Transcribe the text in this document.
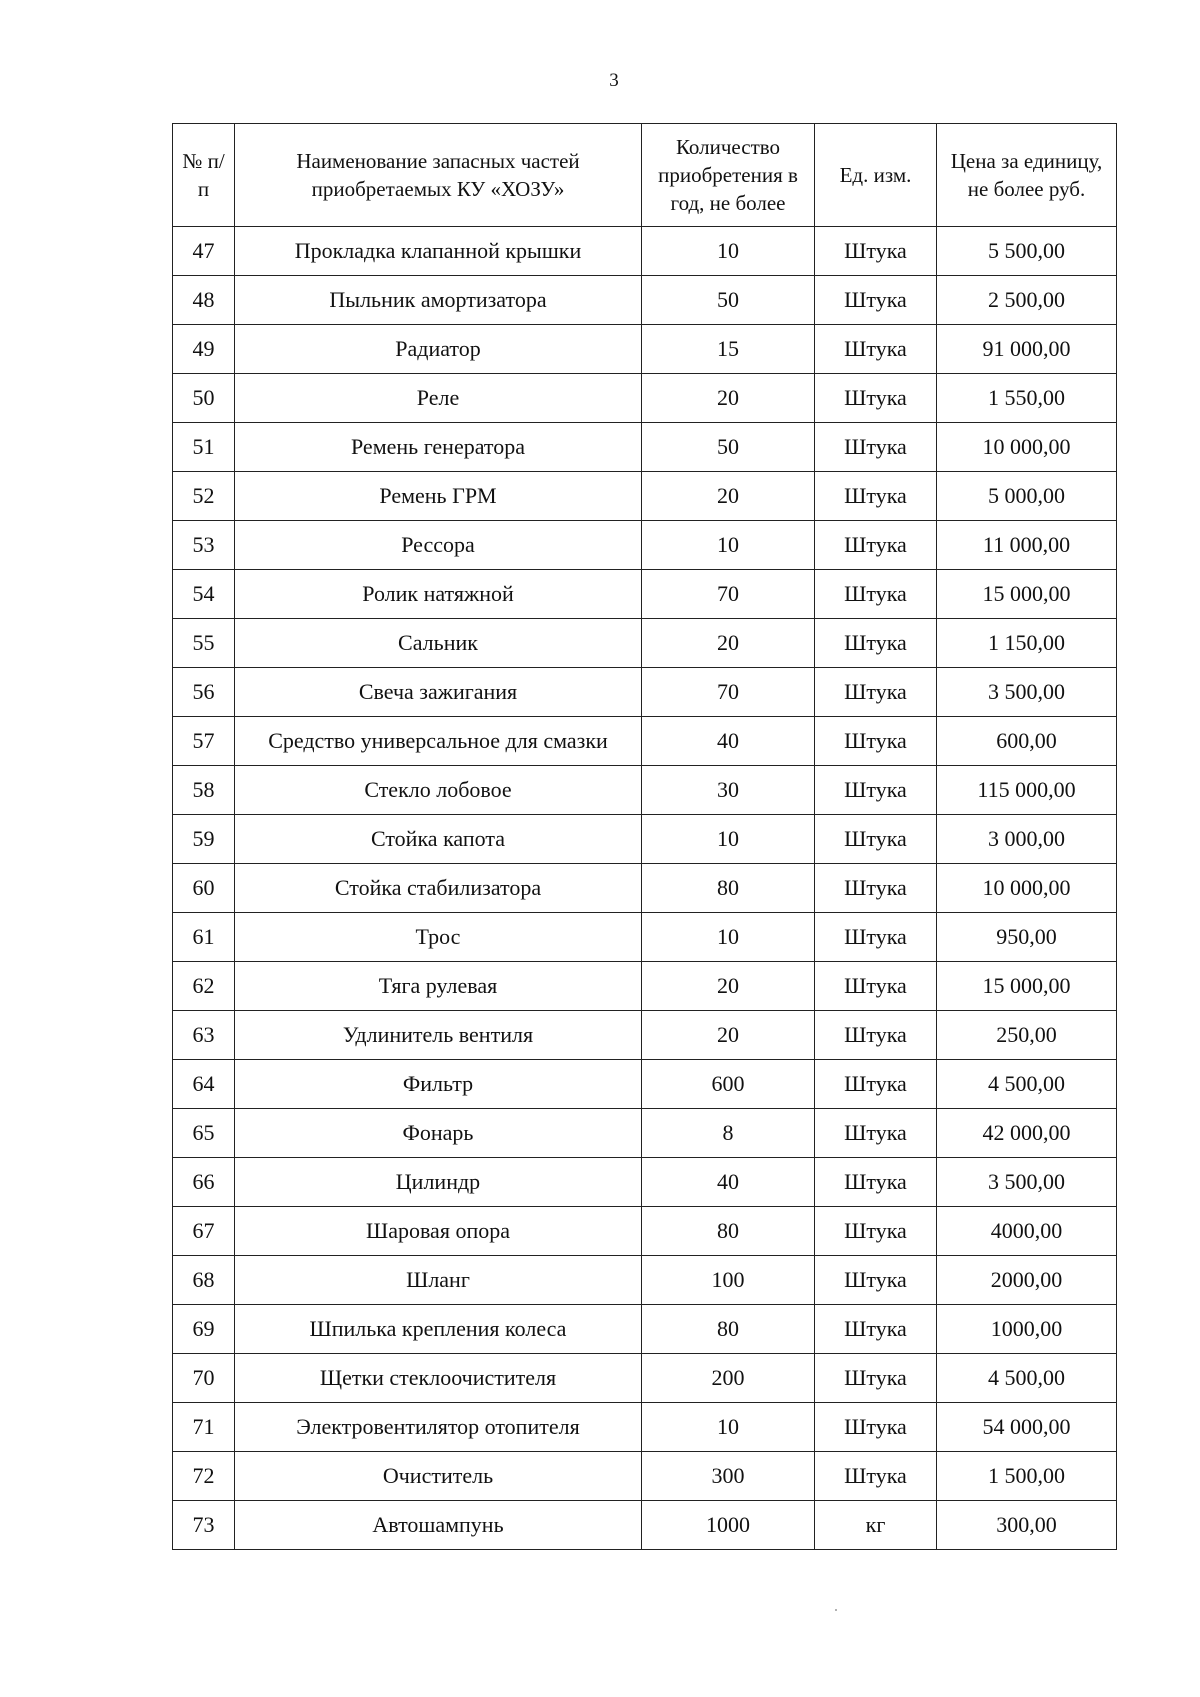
3
№ п/п	Наименование запасных частей приобретаемых КУ «ХОЗУ»	Количество приобретения в год, не более	Ед. изм.	Цена за единицу, не более руб.
47	Прокладка клапанной крышки	10	Штука	5 500,00
48	Пыльник амортизатора	50	Штука	2 500,00
49	Радиатор	15	Штука	91 000,00
50	Реле	20	Штука	1 550,00
51	Ремень генератора	50	Штука	10 000,00
52	Ремень ГРМ	20	Штука	5 000,00
53	Рессора	10	Штука	11 000,00
54	Ролик натяжной	70	Штука	15 000,00
55	Сальник	20	Штука	1 150,00
56	Свеча зажигания	70	Штука	3 500,00
57	Средство универсальное для смазки	40	Штука	600,00
58	Стекло лобовое	30	Штука	115 000,00
59	Стойка капота	10	Штука	3 000,00
60	Стойка стабилизатора	80	Штука	10 000,00
61	Трос	10	Штука	950,00
62	Тяга рулевая	20	Штука	15 000,00
63	Удлинитель вентиля	20	Штука	250,00
64	Фильтр	600	Штука	4 500,00
65	Фонарь	8	Штука	42 000,00
66	Цилиндр	40	Штука	3 500,00
67	Шаровая опора	80	Штука	4000,00
68	Шланг	100	Штука	2000,00
69	Шпилька крепления колеса	80	Штука	1000,00
70	Щетки стеклоочистителя	200	Штука	4 500,00
71	Электровентилятор отопителя	10	Штука	54 000,00
72	Очиститель	300	Штука	1 500,00
73	Автошампунь	1000	кг	300,00
